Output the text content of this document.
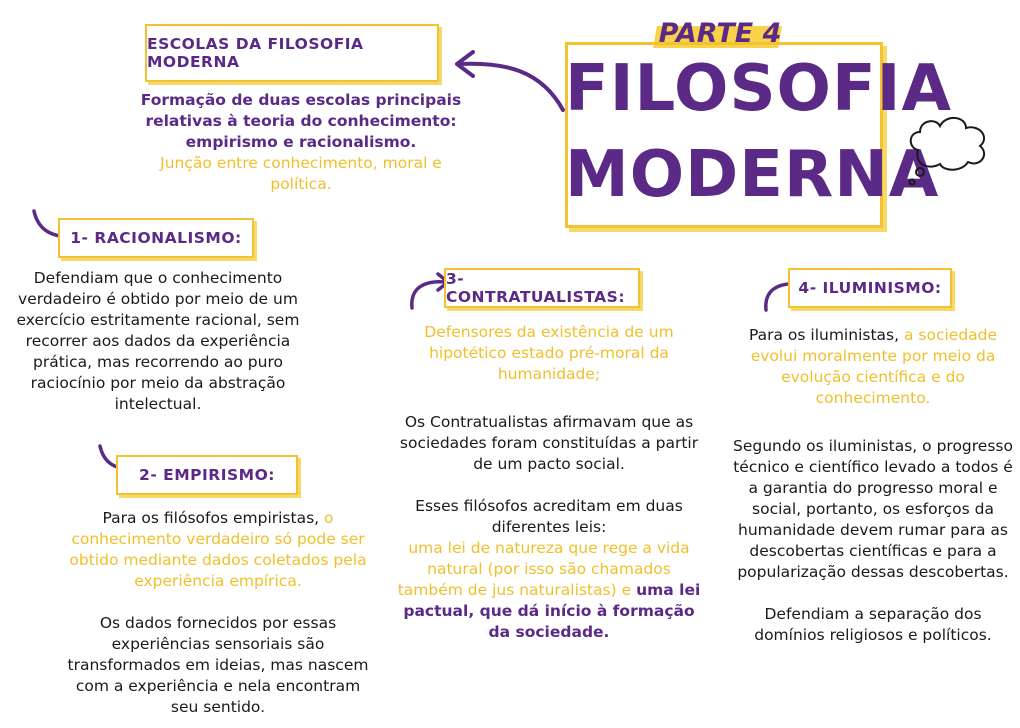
PARTE 4
FILOSOFIA
MODERNA
ESCOLAS DA FILOSOFIA MODERNA

Formação de duas escolas principais relativas à teoria do conhecimento: empirismo e racionalismo.

Junção entre conhecimento, moral e política.

1- RACIONALISMO:
Defendiam que o conhecimento verdadeiro é obtido por meio de um exercício estritamente racional, sem recorrer aos dados da experiência prática, mas recorrendo ao puro raciocínio por meio da abstração intelectual.
2- EMPIRISMO:

Para os filósofos empiristas, o conhecimento verdadeiro só pode ser obtido mediante dados coletados pela experiência empírica.

Os dados fornecidos por essas experiências sensoriais são transformados em ideias, mas nascem com a experiência e nela encontram seu sentido.

3- CONTRATUALISTAS:

Defensores da existência de um hipotético estado pré-moral da humanidade;

Os Contratualistas afirmavam que as sociedades foram constituídas a partir de um pacto social.

Esses filósofos acreditam em duas diferentes leis:

uma lei de natureza que rege a vida natural (por isso são chamados também de jus naturalistas) e uma lei pactual, que dá início à formação da sociedade.

4- ILUMINISMO:

Para os iluministas, a sociedade evolui moralmente por meio da evolução científica e do conhecimento.

Segundo os iluministas, o progresso técnico e científico levado a todos é a garantia do progresso moral e social, portanto, os esforços da humanidade devem rumar para as descobertas científicas e para a popularização dessas descobertas.

Defendiam a separação dos domínios religiosos e políticos.
